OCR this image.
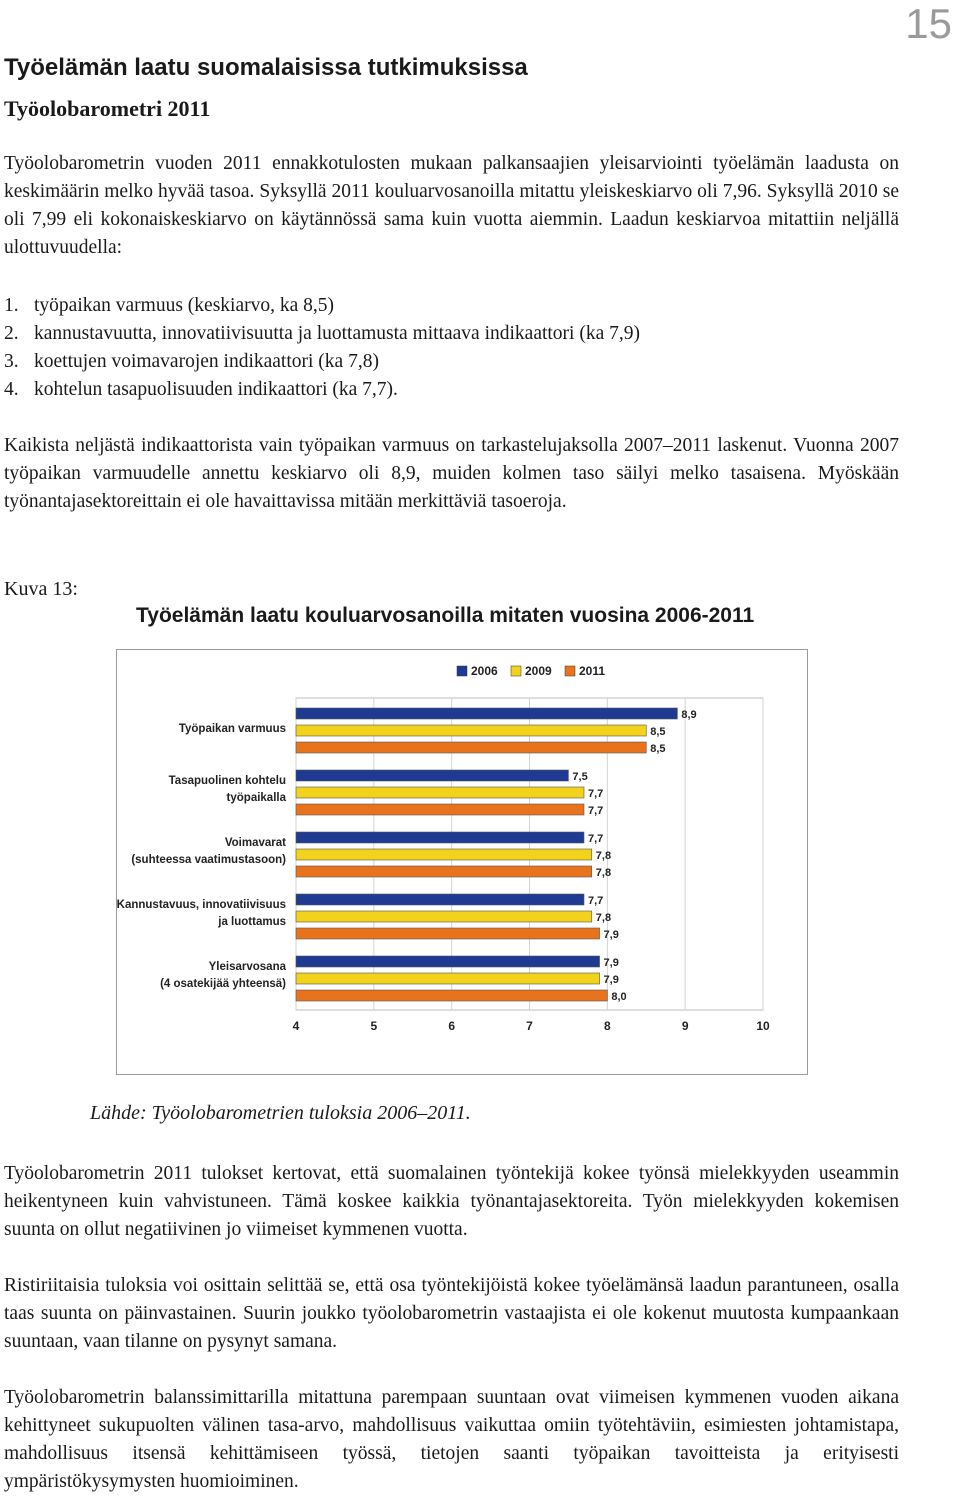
15
Työelämän laatu suomalaisissa tutkimuksissa
Työolobarometri 2011

Työolobarometrin vuoden 2011 ennakkotulosten mukaan palkansaajien yleisarviointi työelämän laadusta on keskimäärin melko hyvää tasoa. Syksyllä 2011 kouluarvosanoilla mitattu yleiskeskiarvo oli 7,96. Syksyllä 2010 se oli 7,99 eli kokonaiskeskiarvo on käytännössä sama kuin vuotta aiemmin. Laadun keskiarvoa mitattiin neljällä ulottuvuudella:

1. työpaikan varmuus (keskiarvo, ka 8,5)
2. kannustavuutta, innovatiivisuutta ja luottamusta mittaava indikaattori (ka 7,9)
3. koettujen voimavarojen indikaattori (ka 7,8)
4. kohtelun tasapuolisuuden indikaattori (ka 7,7).

Kaikista neljästä indikaattorista vain työpaikan varmuus on tarkastelujaksolla 2007–2011 laskenut. Vuonna 2007 työpaikan varmuudelle annettu keskiarvo oli 8,9, muiden kolmen taso säilyi melko tasaisena. Myöskään työnantajasektoreittain ei ole havaittavissa mitään merkittäviä tasoeroja.

Kuva 13:
Työelämän laatu kouluarvosanoilla mitaten vuosina 2006-2011
4	5	6	7	8	9	10
2006 2009 2011
8,9
8,5
8,5
Työpaikan varmuus
7,5
7,7
7,7
Tasapuolinen kohtelu
työpaikalla
7,7
7,8
7,8
Voimavarat
(suhteessa vaatimustasoon)
7,7
7,8
7,9
Kannustavuus, innovatiivisuus
ja luottamus
7,9
7,9
8,0
Yleisarvosana
(4 osatekijää yhteensä)
Lähde: Työolobarometrien tuloksia 2006–2011.

Työolobarometrin 2011 tulokset kertovat, että suomalainen työntekijä kokee työnsä mielekkyyden useammin heikentyneen kuin vahvistuneen. Tämä koskee kaikkia työnantajasektoreita. Työn mielekkyyden kokemisen suunta on ollut negatiivinen jo viimeiset kymmenen vuotta.

Ristiriitaisia tuloksia voi osittain selittää se, että osa työntekijöistä kokee työelämänsä laadun parantuneen, osalla taas suunta on päinvastainen. Suurin joukko työolobarometrin vastaajista ei ole kokenut muutosta kumpaankaan suuntaan, vaan tilanne on pysynyt samana.

Työolobarometrin balanssimittarilla mitattuna parempaan suuntaan ovat viimeisen kymmenen vuoden aikana kehittyneet sukupuolten välinen tasa-arvo, mahdollisuus vaikuttaa omiin työtehtäviin, esimiesten johtamistapa, mahdollisuus itsensä kehittämiseen työssä, tietojen saanti työpaikan tavoitteista ja erityisesti ympäristökysymysten huomioiminen.
